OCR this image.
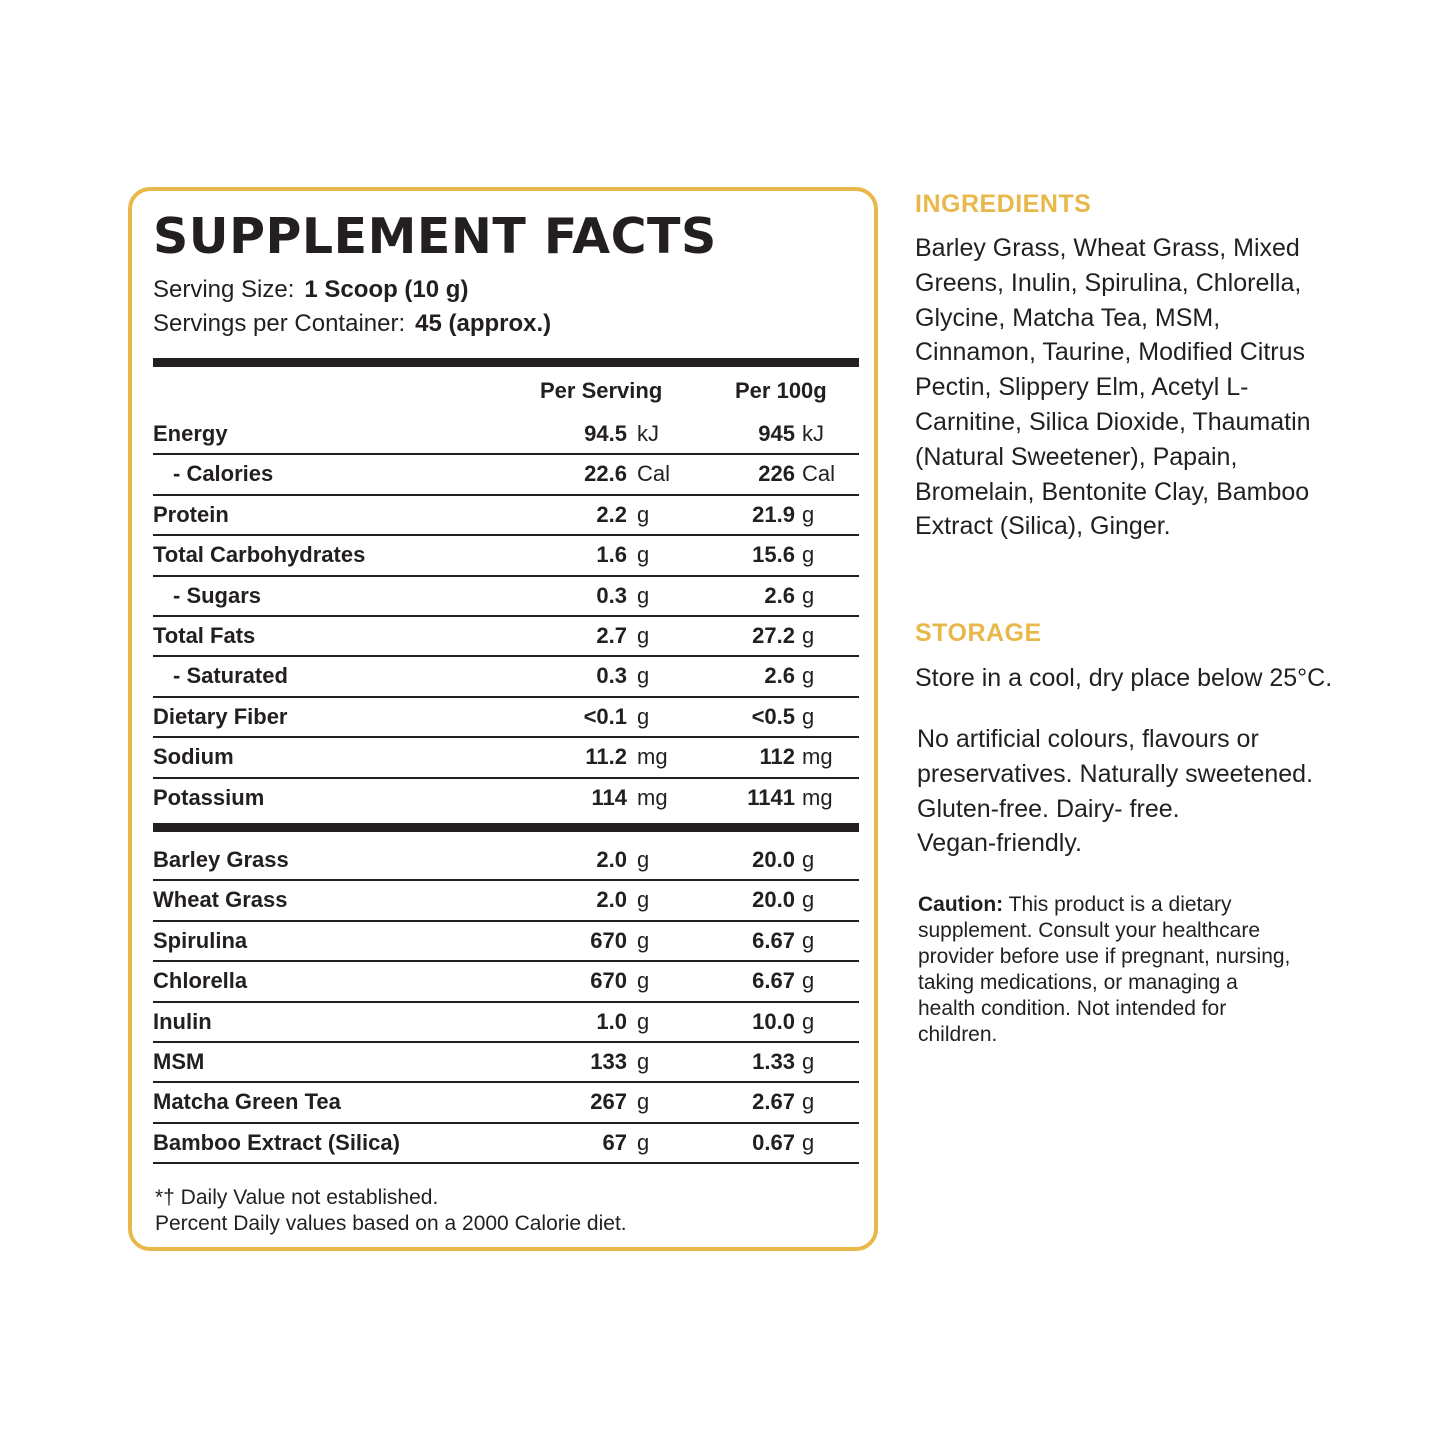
SUPPLEMENT FACTS
Serving Size: 1 Scoop (10 g)
Servings per Container: 45 (approx.)
Per Serving	Per 100g
Energy	94.5 kJ	945 kJ
- Calories	22.6 Cal	226 Cal
Protein	2.2 g	21.9 g
Total Carbohydrates	1.6 g	15.6 g
- Sugars	0.3 g	2.6 g
Total Fats	2.7 g	27.2 g
- Saturated	0.3 g	2.6 g
Dietary Fiber	<0.1 g	<0.5 g
Sodium	11.2 mg	112 mg
Potassium	114 mg	1141 mg
Barley Grass	2.0 g	20.0 g
Wheat Grass	2.0 g	20.0 g
Spirulina	670 g	6.67 g
Chlorella	670 g	6.67 g
Inulin	1.0 g	10.0 g
MSM	133 g	1.33 g
Matcha Green Tea	267 g	2.67 g
Bamboo Extract (Silica)	67 g	0.67 g
*† Daily Value not established.
Percent Daily values based on a 2000 Calorie diet.
INGREDIENTS

Barley Grass, Wheat Grass, Mixed Greens, Inulin, Spirulina, Chlorella, Glycine, Matcha Tea, MSM, Cinnamon, Taurine, Modified Citrus Pectin, Slippery Elm, Acetyl L-Carnitine, Silica Dioxide, Thaumatin (Natural Sweetener), Papain, Bromelain, Bentonite Clay, Bamboo Extract (Silica), Ginger.

STORAGE

Store in a cool, dry place below 25°C.

No artificial colours, flavours or
preservatives. Naturally sweetened.
Gluten-free. Dairy- free.
Vegan-friendly.

Caution: This product is a dietary supplement. Consult your healthcare provider before use if pregnant, nursing, taking medications, or managing a health condition. Not intended for children.
